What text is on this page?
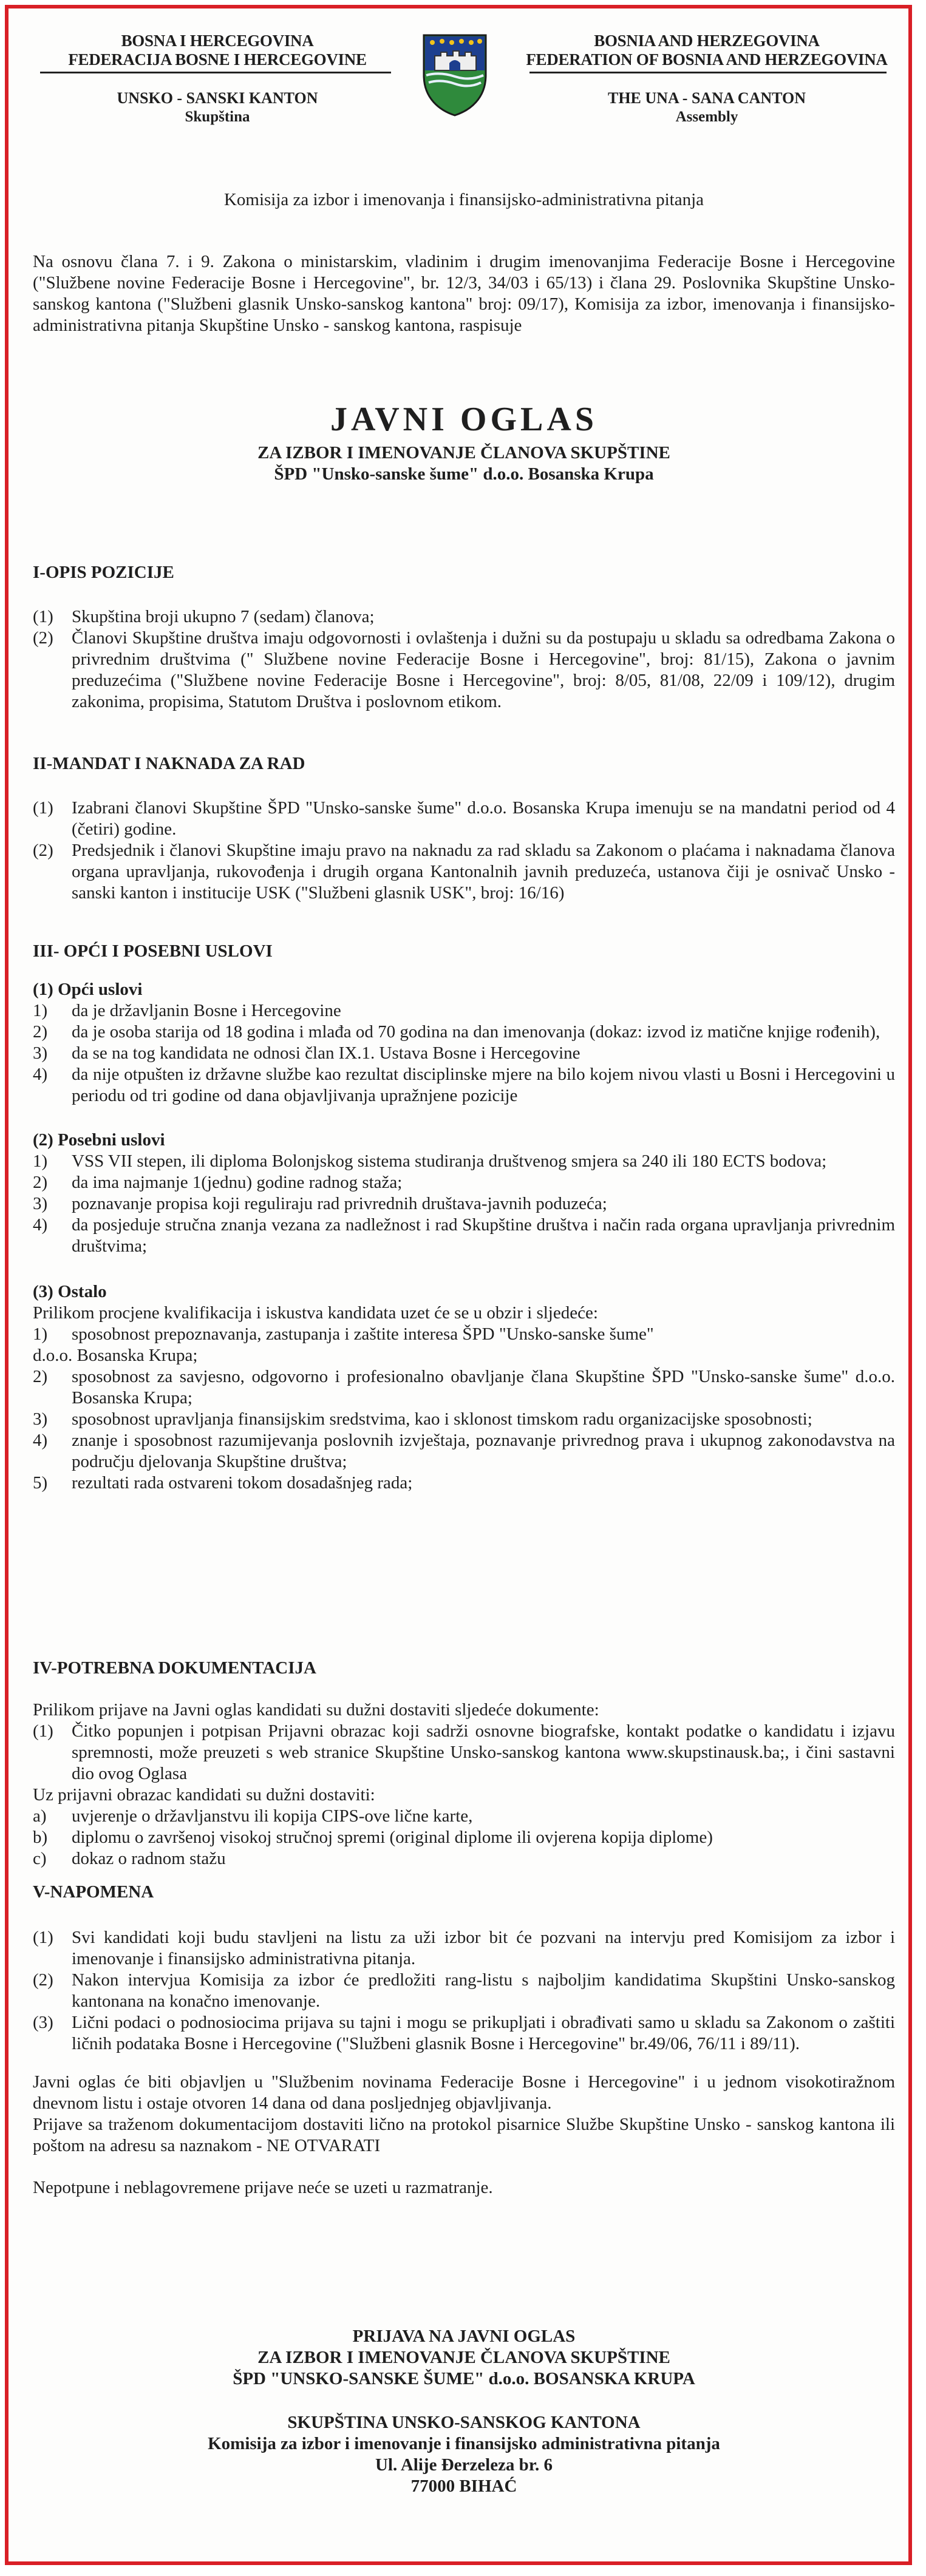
BOSNA I HERCEGOVINA
FEDERACIJA BOSNE I HERCEGOVINE
UNSKO - SANSKI KANTON
Skupština
BOSNIA AND HERZEGOVINA
FEDERATION OF BOSNIA AND HERZEGOVINA
THE UNA - SANA CANTON
Assembly
Komisija za izbor i imenovanja i finansijsko-administrativna pitanja

Na osnovu člana 7. i 9. Zakona o ministarskim, vladinim i drugim imenovanjima Federacije Bosne i Hercegovine ("Službene novine Federacije Bosne i Hercegovine", br. 12/3, 34/03 i 65/13) i člana 29. Poslovnika Skupštine Unsko-sanskog kantona ("Službeni glasnik Unsko-sanskog kantona" broj: 09/17), Komisija za izbor, imenovanja i finansijsko-administrativna pitanja Skupštine Unsko - sanskog kantona, raspisuje

JAVNI OGLAS
ZA IZBOR I IMENOVANJE ČLANOVA SKUPŠTINE
ŠPD "Unsko-sanske šume" d.o.o. Bosanska Krupa

I-OPIS POZICIJE

(1)	Skupština broji ukupno 7 (sedam) članova;
(2)	Članovi Skupštine društva imaju odgovornosti i ovlaštenja i dužni su da postupaju u skladu sa odredbama Zakona o privrednim društvima (" Službene novine Federacije Bosne i Hercegovine", broj: 81/15), Zakona o javnim preduzećima ("Službene novine Federacije Bosne i Hercegovine", broj: 8/05, 81/08, 22/09 i 109/12), drugim zakonima, propisima, Statutom Društva i poslovnom etikom.

II-MANDAT I NAKNADA ZA RAD

(1)	Izabrani članovi Skupštine ŠPD "Unsko-sanske šume" d.o.o. Bosanska Krupa imenuju se na mandatni period od 4 (četiri) godine.
(2)	Predsjednik i članovi Skupštine imaju pravo na naknadu za rad skladu sa Zakonom o plaćama i naknadama članova organa upravljanja, rukovođenja i drugih organa Kantonalnih javnih preduzeća, ustanova čiji je osnivač Unsko - sanski kanton i institucije USK ("Službeni glasnik USK", broj: 16/16)

III- OPĆI I POSEBNI USLOVI

(1) Opći uslovi

1)	da je državljanin Bosne i Hercegovine
2)	da je osoba starija od 18 godina i mlađa od 70 godina na dan imenovanja (dokaz: izvod iz matične knjige rođenih),
3)	da se na tog kandidata ne odnosi član IX.1. Ustava Bosne i Hercegovine
4)	da nije otpušten iz državne službe kao rezultat disciplinske mjere na bilo kojem nivou vlasti u Bosni i Hercegovini u periodu od tri godine od dana objavljivanja upražnjene pozicije

(2) Posebni uslovi

1)	VSS VII stepen, ili diploma Bolonjskog sistema studiranja društvenog smjera sa 240 ili 180 ECTS bodova;
2)	da ima najmanje 1(jednu) godine radnog staža;
3)	poznavanje propisa koji reguliraju rad privrednih društava-javnih poduzeća;
4)	da posjeduje stručna znanja vezana za nadležnost i rad Skupštine društva i način rada organa upravljanja privrednim društvima;

(3) Ostalo

Prilikom procjene kvalifikacija i iskustva kandidata uzet će se u obzir i sljedeće:

1)	sposobnost prepoznavanja, zastupanja i zaštite interesa ŠPD "Unsko-sanske šume"

d.o.o. Bosanska Krupa;

2)	sposobnost za savjesno, odgovorno i profesionalno obavljanje člana Skupštine ŠPD "Unsko-sanske šume" d.o.o. Bosanska Krupa;
3)	sposobnost upravljanja finansijskim sredstvima, kao i sklonost timskom radu organizacijske sposobnosti;
4)	znanje i sposobnost razumijevanja poslovnih izvještaja, poznavanje privrednog prava i ukupnog zakonodavstva na području djelovanja Skupštine društva;
5)	rezultati rada ostvareni tokom dosadašnjeg rada;

IV-POTREBNA DOKUMENTACIJA

Prilikom prijave na Javni oglas kandidati su dužni dostaviti sljedeće dokumente:

(1)	Čitko popunjen i potpisan Prijavni obrazac koji sadrži osnovne biografske, kontakt podatke o kandidatu i izjavu spremnosti, može preuzeti s web stranice Skupštine Unsko-sanskog kantona www.skupstinausk.ba;, i čini sastavni dio ovog Oglasa

Uz prijavni obrazac kandidati su dužni dostaviti:

a)	uvjerenje o državljanstvu ili kopija CIPS-ove lične karte,
b)	diplomu o završenoj visokoj stručnoj spremi (original diplome ili ovjerena kopija diplome)
c)	dokaz o radnom stažu

V-NAPOMENA

(1)	Svi kandidati koji budu stavljeni na listu za uži izbor bit će pozvani na intervju pred Komisijom za izbor i imenovanje i finansijsko administrativna pitanja.
(2)	Nakon intervjua Komisija za izbor će predložiti rang-listu s najboljim kandidatima Skupštini Unsko-sanskog kantonana na konačno imenovanje.
(3)	Lični podaci o podnosiocima prijava su tajni i mogu se prikupljati i obrađivati samo u skladu sa Zakonom o zaštiti ličnih podataka Bosne i Hercegovine ("Službeni glasnik Bosne i Hercegovine" br.49/06, 76/11 i 89/11).

Javni oglas će biti objavljen u "Službenim novinama Federacije Bosne i Hercegovine" i u jednom visokotiražnom dnevnom listu i ostaje otvoren 14 dana od dana posljednjeg objavljivanja.

Prijave sa traženom dokumentacijom dostaviti lično na protokol pisarnice Službe Skupštine Unsko - sanskog kantona ili poštom na adresu sa naznakom - NE OTVARATI

Nepotpune i neblagovremene prijave neće se uzeti u razmatranje.

PRIJAVA NA JAVNI OGLAS
ZA IZBOR I IMENOVANJE ČLANOVA SKUPŠTINE
ŠPD "UNSKO-SANSKE ŠUME" d.o.o. BOSANSKA KRUPA
SKUPŠTINA UNSKO-SANSKOG KANTONA
Komisija za izbor i imenovanje i finansijsko administrativna pitanja
Ul. Alije Đerzeleza br. 6
77000 BIHAĆ
